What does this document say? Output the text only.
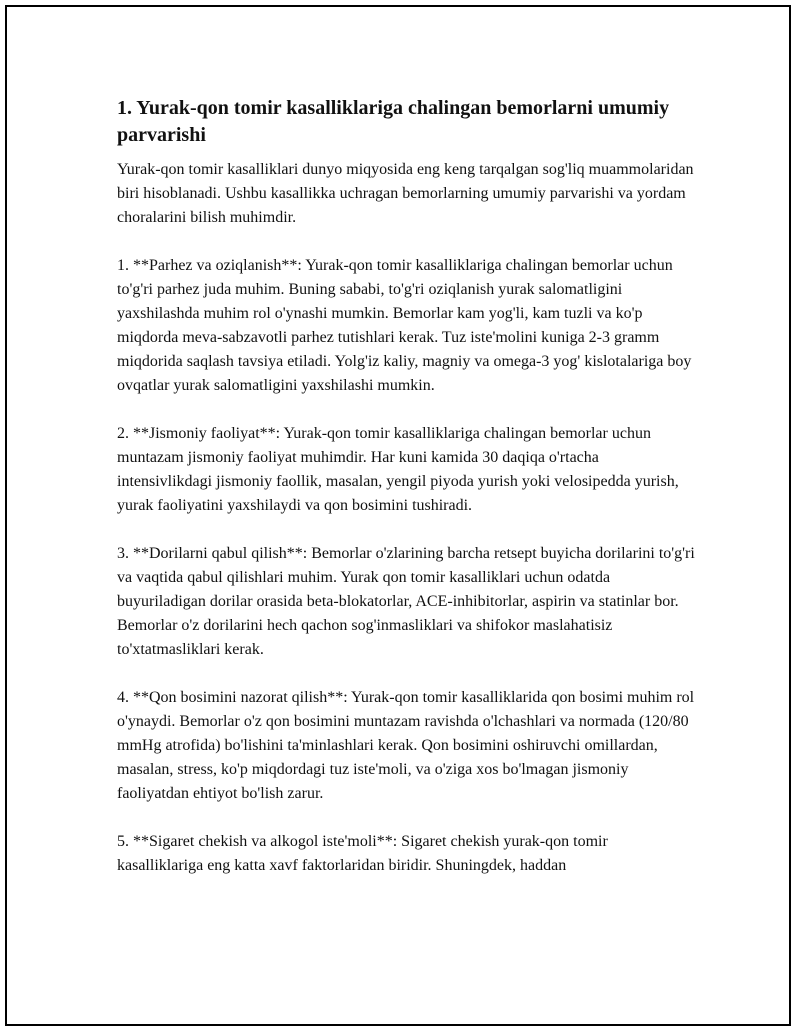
1. Yurak-qon tomir kasalliklariga chalingan bemorlarni umumiy parvarishi

Yurak-qon tomir kasalliklari dunyo miqyosida eng keng tarqalgan sog'liq muammolaridan biri hisoblanadi. Ushbu kasallikka uchragan bemorlarning umumiy parvarishi va yordam choralarini bilish muhimdir.

1. **Parhez va oziqlanish**: Yurak-qon tomir kasalliklariga chalingan bemorlar uchun to'g'ri parhez juda muhim. Buning sababi, to'g'ri oziqlanish yurak salomatligini yaxshilashda muhim rol o'ynashi mumkin. Bemorlar kam yog'li, kam tuzli va ko'p miqdorda meva-sabzavotli parhez tutishlari kerak. Tuz iste'molini kuniga 2-3 gramm miqdorida saqlash tavsiya etiladi. Yolg'iz kaliy, magniy va omega-3 yog' kislotalariga boy ovqatlar yurak salomatligini yaxshilashi mumkin.

2. **Jismoniy faoliyat**: Yurak-qon tomir kasalliklariga chalingan bemorlar uchun muntazam jismoniy faoliyat muhimdir. Har kuni kamida 30 daqiqa o'rtacha intensivlikdagi jismoniy faollik, masalan, yengil piyoda yurish yoki velosipedda yurish, yurak faoliyatini yaxshilaydi va qon bosimini tushiradi.

3. **Dorilarni qabul qilish**: Bemorlar o'zlarining barcha retsept buyicha dorilarini to'g'ri va vaqtida qabul qilishlari muhim. Yurak qon tomir kasalliklari uchun odatda buyuriladigan dorilar orasida beta-blokatorlar, ACE-inhibitorlar, aspirin va statinlar bor. Bemorlar o'z dorilarini hech qachon sog'inmasliklari va shifokor maslahatisiz to'xtatmasliklari kerak.

4. **Qon bosimini nazorat qilish**: Yurak-qon tomir kasalliklarida qon bosimi muhim rol o'ynaydi. Bemorlar o'z qon bosimini muntazam ravishda o'lchashlari va normada (120/80 mmHg atrofida) bo'lishini ta'minlashlari kerak. Qon bosimini oshiruvchi omillardan, masalan, stress, ko'p miqdordagi tuz iste'moli, va o'ziga xos bo'lmagan jismoniy faoliyatdan ehtiyot bo'lish zarur.

5. **Sigaret chekish va alkogol iste'moli**: Sigaret chekish yurak-qon tomir kasalliklariga eng katta xavf faktorlaridan biridir. Shuningdek, haddan
